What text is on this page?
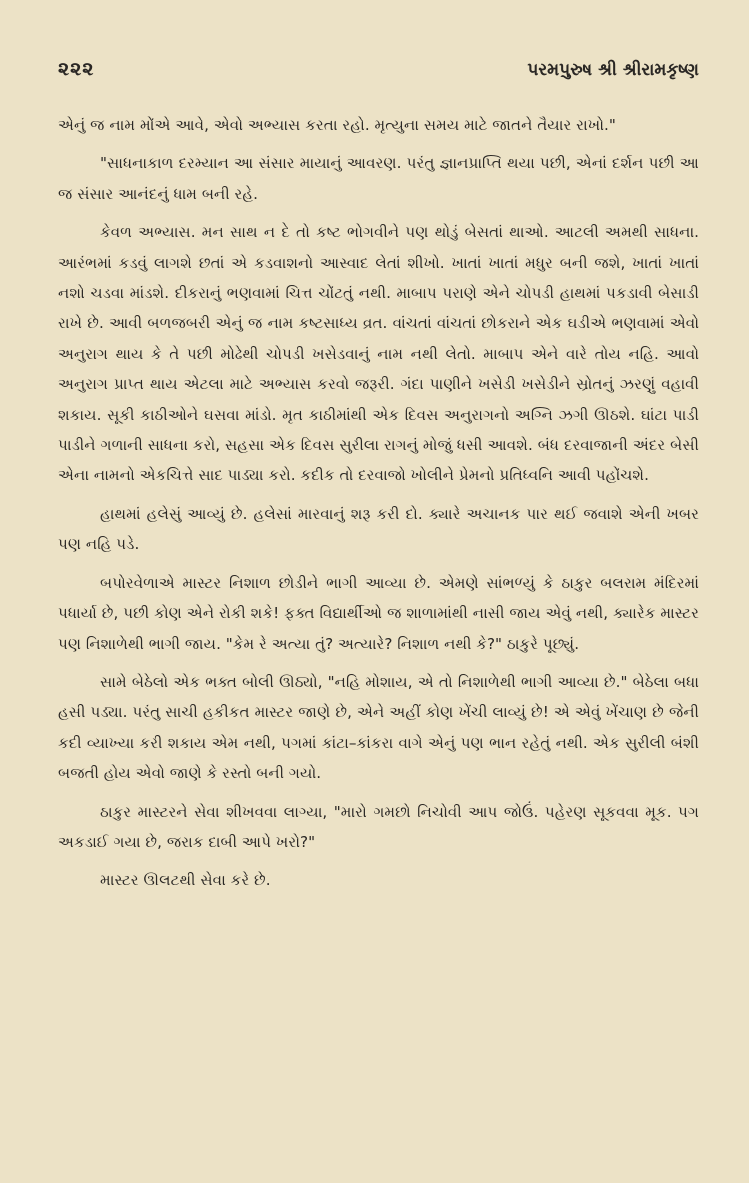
૨૨૨	પરમપુરુષ શ્રી શ્રીરામકૃષ્ણ

એનું જ નામ મોંએ આવે, એવો અભ્યાસ કરતા રહો. મૃત્યુના સમય માટે જાતને તૈયાર રાખો."

"સાધનાકાળ દરમ્યાન આ સંસાર માયાનું આવરણ. પરંતુ જ્ઞાનપ્રાપ્તિ થયા પછી, એનાં દર્શન પછી આ જ સંસાર આનંદનું ધામ બની રહે.

કેવળ અભ્યાસ. મન સાથ ન દે તો કષ્ટ ભોગવીને પણ થોડું બેસતાં થાઓ. આટલી અમથી સાધના. આરંભમાં કડવું લાગશે છતાં એ કડવાશનો આસ્વાદ લેતાં શીખો. ખાતાં ખાતાં મધુર બની જશે, ખાતાં ખાતાં નશો ચડવા માંડશે. દીકરાનું ભણવામાં ચિત્ત ચોંટતું નથી. માબાપ પરાણે એને ચોપડી હાથમાં પકડાવી બેસાડી રાખે છે. આવી બળજબરી એનું જ નામ કષ્ટસાધ્ય વ્રત. વાંચતાં વાંચતાં છોકરાને એક ઘડીએ ભણવામાં એવો અનુરાગ થાય કે તે પછી મોઢેથી ચોપડી ખસેડવાનું નામ નથી લેતો. માબાપ એને વારે તોય નહિ. આવો અનુરાગ પ્રાપ્ત થાય એટલા માટે અભ્યાસ કરવો જરૂરી. ગંદા પાણીને ખસેડી ખસેડીને સ્રોતનું ઝરણું વહાવી શકાય. સૂકી કાઠીઓને ઘસવા માંડો. મૃત કાઠીમાંથી એક દિવસ અનુરાગનો અગ્નિ ઝગી ઊઠશે. ઘાંટા પાડી પાડીને ગળાની સાધના કરો, સહસા એક દિવસ સુરીલા રાગનું મોજું ધસી આવશે. બંધ દરવાજાની અંદર બેસી એના નામનો એકચિત્તે સાદ પાડ્યા કરો. કદીક તો દરવાજો ખોલીને પ્રેમનો પ્રતિધ્વનિ આવી પહોંચશે.

હાથમાં હલેસું આવ્યું છે. હલેસાં મારવાનું શરૂ કરી દો. ક્યારે અચાનક પાર થઈ જવાશે એની ખબર પણ નહિ પડે.

બપોરવેળાએ માસ્ટર નિશાળ છોડીને ભાગી આવ્યા છે. એમણે સાંભળ્યું કે ઠાકુર બલરામ મંદિરમાં પધાર્યા છે, પછી કોણ એને રોકી શકે! ફક્ત વિદ્યાર્થીઓ જ શાળામાંથી નાસી જાય એવું નથી, ક્યારેક માસ્ટર પણ નિશાળેથી ભાગી જાય. "કેમ રે અત્યા તું? અત્યારે? નિશાળ નથી કે?" ઠાકુરે પૂછ્યું.

સામે બેઠેલો એક ભક્ત બોલી ઊઠ્યો, "નહિ મોશાય, એ તો નિશાળેથી ભાગી આવ્યા છે." બેઠેલા બધા હસી પડ્યા. પરંતુ સાચી હકીકત માસ્ટર જાણે છે, એને અહીં કોણ ખેંચી લાવ્યું છે! એ એવું ખેંચાણ છે જેની કદી વ્યાખ્યા કરી શકાય એમ નથી, પગમાં કાંટા–કાંકરા વાગે એનું પણ ભાન રહેતું નથી. એક સુરીલી બંશી બજતી હોય એવો જાણે કે રસ્તો બની ગયો.

ઠાકુર માસ્ટરને સેવા શીખવવા લાગ્યા, "મારો ગમછો નિચોવી આપ જોઉં. પહેરણ સૂકવવા મૂક. પગ અકડાઈ ગયા છે, જરાક દાબી આપે ખરો?"

માસ્ટર ઊલટથી સેવા કરે છે.
